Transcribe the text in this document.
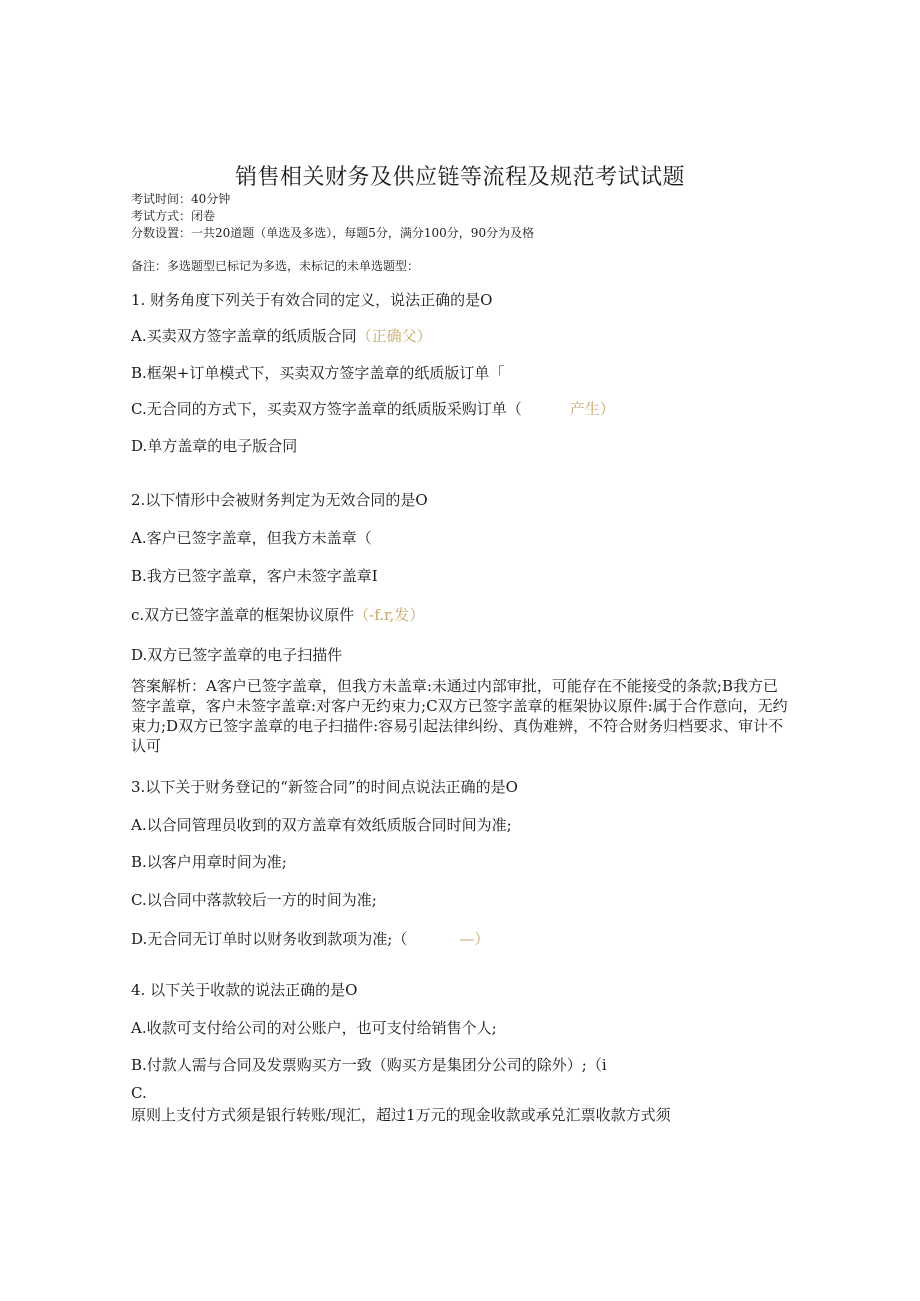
销售相关财务及供应链等流程及规范考试试题
考试时间：40分钟
考试方式：闭卷
分数设置：一共20道题（单选及多选），每题5分，满分100分，90分为及格
备注：多选题型已标记为多选，未标记的未单选题型：
1. 财务角度下列关于有效合同的定义，说法正确的是O
A.买卖双方签字盖章的纸质版合同（正确父）
B.框架+订单模式下，买卖双方签字盖章的纸质版订单「
C.无合同的方式下，买卖双方签字盖章的纸质版采购订单（	产生）
D.单方盖章的电子版合同
2.以下情形中会被财务判定为无效合同的是O
A.客户已签字盖章，但我方未盖章（
B.我方已签字盖章，客户未签字盖章I
c.双方已签字盖章的框架协议原件（-f.r,发）
D.双方已签字盖章的电子扫描件
答案解析：A客户已签字盖章，但我方未盖章:未通过内部审批，可能存在不能接受的条款;B我方已签字盖章，客户未签字盖章:对客户无约束力;C双方已签字盖章的框架协议原件:属于合作意向，无约束力;D双方已签字盖章的电子扫描件:容易引起法律纠纷、真伪难辨，不符合财务归档要求、审计不认可
3.以下关于财务登记的“新签合同”的时间点说法正确的是O
A.以合同管理员收到的双方盖章有效纸质版合同时间为准;
B.以客户用章时间为准;
C.以合同中落款较后一方的时间为准;
D.无合同无订单时以财务收到款项为准;（	—）
4. 以下关于收款的说法正确的是O
A.收款可支付给公司的对公账户，也可支付给销售个人;
B.付款人需与合同及发票购买方一致（购买方是集团分公司的除外）;（i
C.
原则上支付方式须是银行转账/现汇，超过1万元的现金收款或承兑汇票收款方式须
